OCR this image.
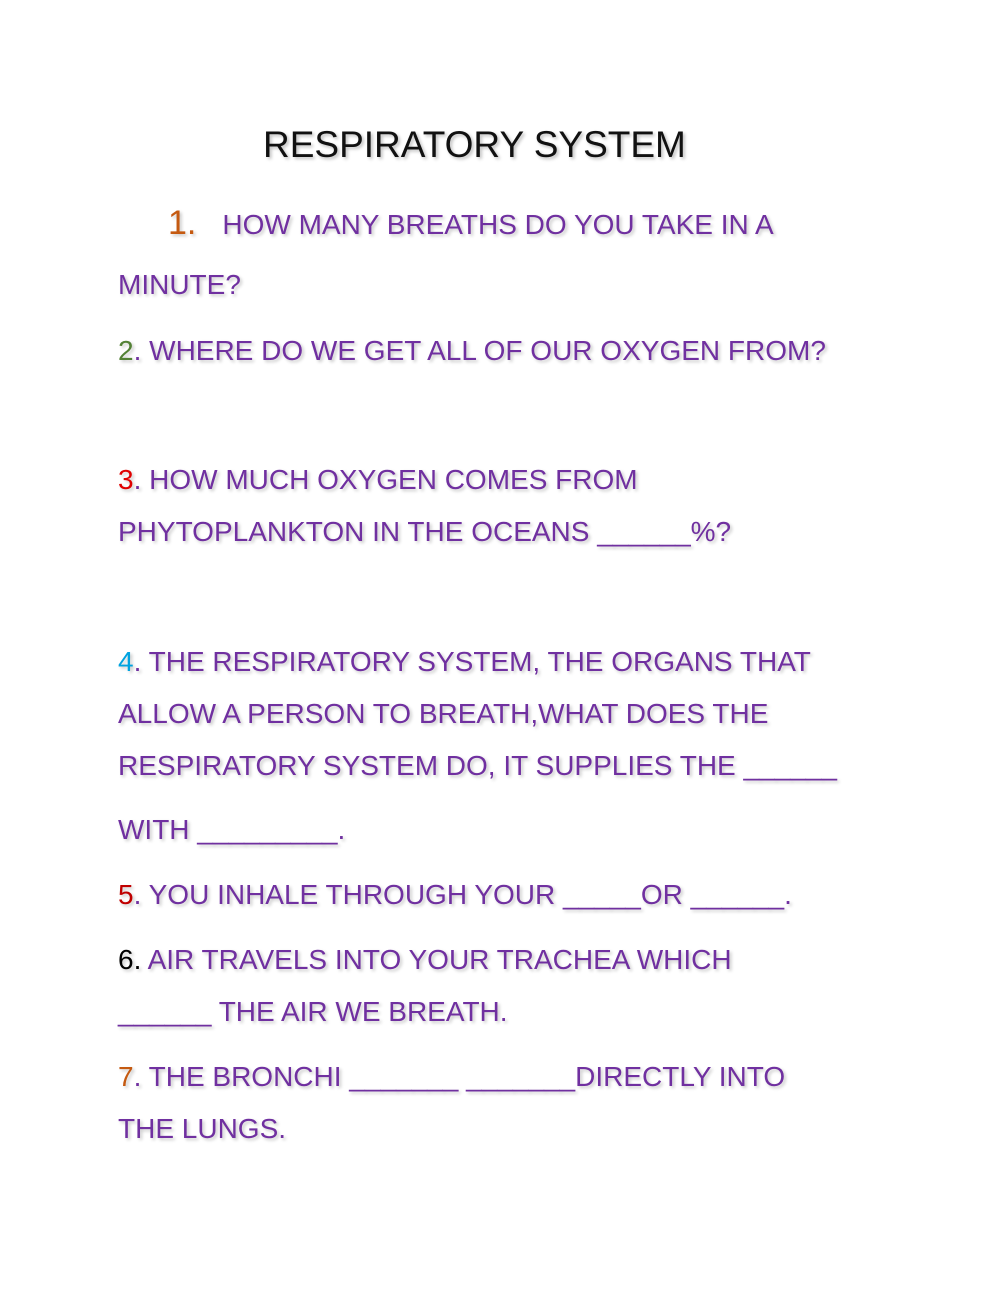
RESPIRATORY SYSTEM
1. HOW MANY BREATHS DO YOU TAKE IN A
MINUTE?
2. WHERE DO WE GET ALL OF OUR OXYGEN FROM?
3. HOW MUCH OXYGEN COMES FROM
PHYTOPLANKTON IN THE OCEANS ______%?
4. THE RESPIRATORY SYSTEM, THE ORGANS THAT
ALLOW A PERSON TO BREATH,WHAT DOES THE
RESPIRATORY SYSTEM DO, IT SUPPLIES THE ______
WITH _________.
5. YOU INHALE THROUGH YOUR _____OR ______.
6. AIR TRAVELS INTO YOUR TRACHEA WHICH
______ THE AIR WE BREATH.
7. THE BRONCHI _______ _______DIRECTLY INTO
THE LUNGS.
